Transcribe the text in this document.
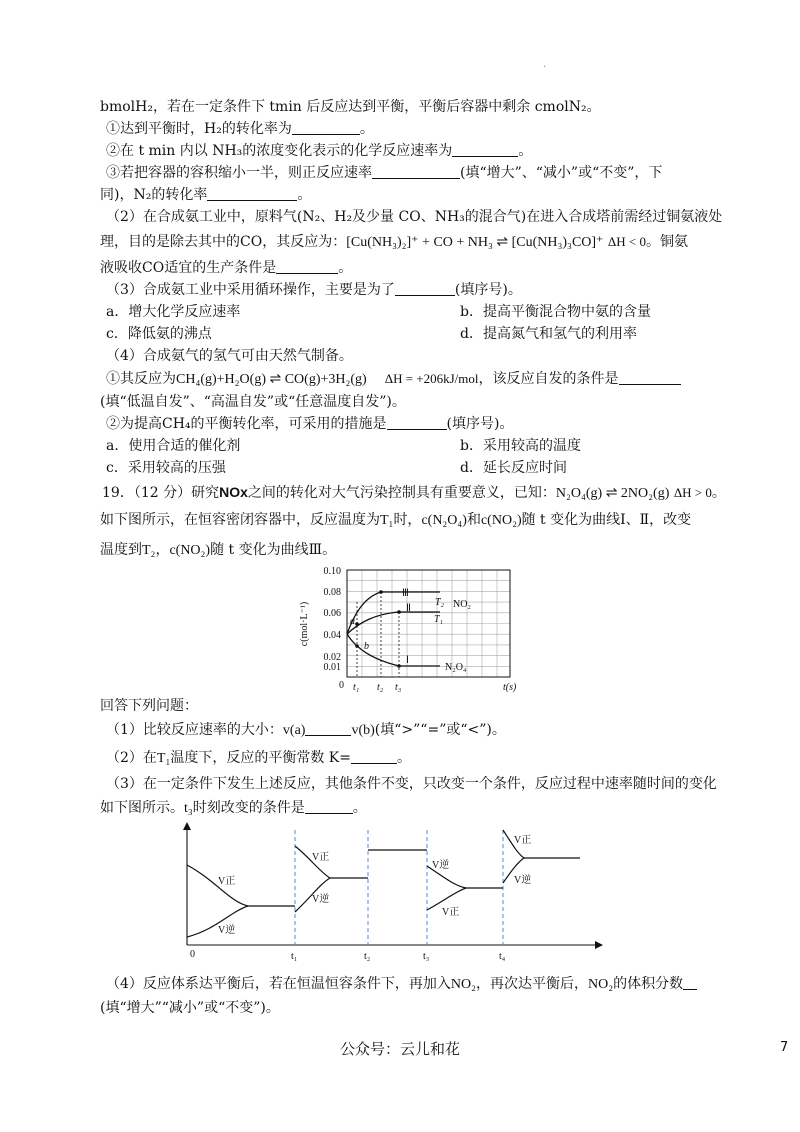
·
bmolH₂，若在一定条件下 tmin 后反应达到平衡，平衡后容器中剩余 cmolN₂。
①达到平衡时，H₂的转化率为	。
②在 t min 内以 NH₃的浓度变化表示的化学反应速率为	。
③若把容器的容积缩小一半，则正反应速率	(填“增大”、“减小”或“不变”，下
同)，N₂的转化率	。
（2）在合成氨工业中，原料气(N₂、H₂及少量 CO、NH₃的混合气)在进入合成塔前需经过铜氨液处
理，目的是除去其中的CO，其反应为：[Cu(NH₃)₂]⁺ + CO + NH₃ ⇌ [Cu(NH₃)₃CO]⁺ ΔH < 0。铜氨
液吸收CO适宜的生产条件是	。
（3）合成氨工业中采用循环操作，主要是为了	(填序号)。
a．增大化学反应速率	b．提高平衡混合物中氨的含量
c．降低氨的沸点	d．提高氮气和氢气的利用率
（4）合成氨气的氢气可由天然气制备。
①其反应为CH₄(g)+H₂O(g) ⇌ CO(g)+3H₂(g) ΔH = +206kJ/mol，该反应自发的条件是
(填“低温自发”、“高温自发”或“任意温度自发”)。
②为提高CH₄的平衡转化率，可采用的措施是	(填序号)。
a．使用合适的催化剂	b．采用较高的温度
c．采用较高的压强	d．延长反应时间
19．（12 分）研究NOx之间的转化对大气污染控制具有重要意义，已知：N₂O₄(g) ⇌ 2NO₂(g) ΔH > 0。
如下图所示，在恒容密闭容器中，反应温度为T₁时，c(N₂O₄)和c(NO₂)随 t 变化为曲线Ⅰ、Ⅱ，改变
温度到T₂，c(NO₂)随 t 变化为曲线Ⅲ。
0.10
0.08
0.06
0.04
0.02
0.01
c(mol·L⁻¹)
0 t₁ t₂ t₃	t(s)
Ⅲ
Ⅱ
Ⅰ
a
b
T₂ NO₂
T₁
N₂O₄
回答下列问题：
（1）比较反应速率的大小：v(a)	v(b)(填“>”“=”或“<”)。
（2）在T₁温度下，反应的平衡常数 K=	。
（3）在一定条件下发生上述反应，其他条件不变，只改变一个条件，反应过程中速率随时间的变化
如下图所示。t₃时刻改变的条件是	。
V正
V逆
V正
V逆
V逆
V正
V正
V逆
0	t₁	t₂	t₃	t₄
（4）反应体系达平衡后，若在恒温恒容条件下，再加入NO₂，再次达平衡后，NO₂的体积分数
(填“增大”“减小”或“不变”)。
公众号：云儿和花	7
